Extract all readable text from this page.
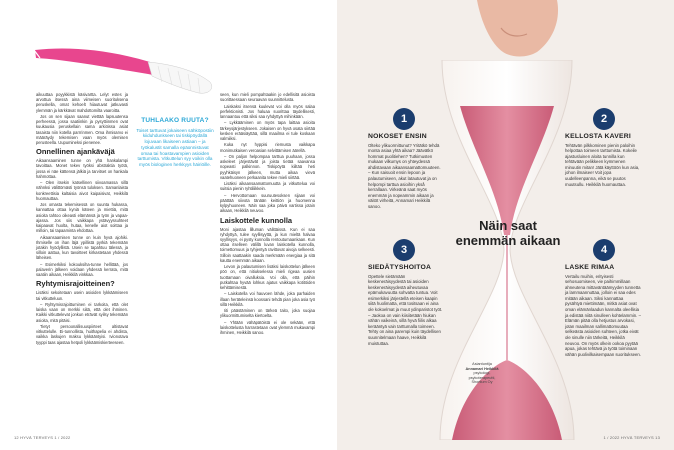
aikuuttaa poyykkistä käsivartta. Lelyt estes ja arvottua itsessä aina viimeisen suorituksena peruskella, omat kehoelt hiiautuvat jatkuvasti ylemmän ja kärkkävat mahdottomilta vaaroitta.

Jos on sen sijaan saanut viettää lapsuutensa perheessä, jossa saatiinkin ja pysyttiinmen ovat kuukausia peruskellain sama arkiöissa asiat tasaista niin kotella parrrinmen. Oma ihmisarvo ei määräydy tekemisen vaan myös olemisen perusteella. Uupumineksi pienenee.

Onnellinen ajankäväjä

Aikaansaaminen tunne on yhä hankalampi tavoittaa. Monet tekev työksi abstraktia työtä, jossa ei näe kättensä jälkiä ja tarvitset on hankala hahmottaa.

– Olen itsekin katsellinen siivoamassa sillä nähnksi välittömästi työnsä tuloksen. Samanlaista konkreettisia kaltaisia aivot kaipaisivat, Heikkilä huomauttaa.

Jos omasta tekemisessä on suunta hukassa, kannattaa ottaa kyniä käteen ja miettiä, mitä asioita tahtoo oikeasti elämänsä ja työn ja vapaa-ajassa. Jos siis vaikkapa ystävyyssuhteet kaipaavat huolta, hutaa, kenelle aiot soittaa ja milloin, tai tapaaminta ehdottaa.

Aikaansaamisen tunne on kuin hyvä ajohiki. Ihmiselle on ihan läjä ypillistä pyrkiä tekemään jotakin hyödyllistä. Usein se tapahtuu tälessä, ja silloin aattua, kun tavoitteet kirkastetaan yhdessä läheisen.

– Esimerkiksi kokouksiha-tunne hellittää, jos palaverin jälkeen voidaan yhdessä kerrata, mitä saatiin aikaan, Heikkilä vinkkaa.

Ryhtymisrajoitteinen?

Lisäksi sekoitetaan usein asioiden lykkäämiseen tai vitkutteluun.

– Ryhtymisrajoittuminen ei tarkoita, että olet laiska vaan on merkki siitä, että olet ihminen. Kaikki vitkuttelevat jonkun eträvät syilsy tekemään asioita, mitä pitäisi.

Tietyt persoonallisuuspiirteet altistavat vitkuttelulle. Ei-tunnollista, huithapelia ei ahdista, vaikka laskujen maksu lykkääntyisi. Ivionotava tyyppi taas ajastaa hetpoli lykkäämiskierteeseen.

TUHLAAKO RUUTA?
Toiset tarttuvat jokaiseen sähköpostiin kiiduhdunkseen tai tiskipöydällä lojuvaan likaiseen astiaan – ja työkalustit samalla epäonnistuvat omaa tai hoastavampien asioiden tarttumista. Vitkuttelun syy voikin olla myös biologinen herkkyys häiriöille.

seen, kun mieli pompahtaakin jo edellisitä asioista suorittaessaan seuraavan suunnittelusta.

Laiskaksi itsensä kuulevat voi olla myös salaa perfektionisti. Jos haluaa suorittaa täydellisesti, lannaantuu että siksi saa ryhdyttyä mihinkään.

– Lykkääminen on myös tapa laittaa asioita tärkeysjärjestykseen. Jokaisen on hyvä osata siirtää kesken erääsiäyttää, sillä maailma ei tule koskaan valmiiksi.

Kuka nyt hyppisi riemusta vaikkapa monimutkaisen veroasian selvittämisen äärellä.

– On paljon helpompaa tarttua puuhaan, jossa askeleet järjestävät ja joista tietää saavansa nopeasti palkinnon. Tiskipöytä kiiltää heti pyyhkäisyn jälkeen, mutta aikaa vievä vaatehuoneen perkaanita tekee mieli siirtää.

Lisäksi aikaansaamattomuutta ja vitkuttelua voi suitsia pienin ryhtiliikkein.

– Hervottomaan suuruutesoksen sijaan voi päättää siivota tänään keittiön ja huomenna kylpyhuoneen. Näin saa joka päivä vartissa jotain aikaan, Heikkilä neuvoo.

Laiskottele kunnolla

Moni ajastaa lilluman välittäissä. Kun ei saa ryhdyttyä, tulee syyllisyyttä, ja kun mieltä halvaa syyllisyys, ei pysty kunnolla rentoutumaankaan. Kun ottaa itselleen välillä luvan laiskotella kunnolla, toimettomuus ja tyhjentyä ravittovat aivoja selkeesti. Silloin saattaakin saada merkmään energiaa ja sitä kautta enemmän aikaan.

Levon ja palautumisen lisäksi laiskottelun jälkeen pöö on, että nitiukselessa mieli rigeaa uusien tuottamaan oivalluksia. Voi olla, että päihin putkahtaa hyvää lohkus ajatus vaikkapa kotitöiden kehittämisestä.

– Laiskotella voi hauvoen lähde, joka parhaiden illaan heräteleinsä koossani tehdä pian joka asia työ sillä Heikkilä.

Iiti päästäminen on tärkeä taito, joka suojaa ylikuormittumiselta kiertoelta.

– Yhtään vähäpätöistä ei ole sekään, että laiskottelusta harrastetaan ovat ylemmä mukavampi ihminen, Heikkilä sanoo.

12 HYVÄ TERVEYS 1 / 2022
Näin saat enemmän aikaan
1	2
3	4
NOKOSET ENSIN

Olteko ylikuormittunut? Yritätkö tehdä monta asiaa yhtä aikaa? Jäävätkö hommat puolitiehen? Tutkimusten mukaan vilkumys on yhteydessä ahdistavaan aikaansaamattomuuteen. – Kun saisuoit ensin lepoon ja palautumiseen, akut latautuvat ja on helpompi tarttua asioihin ykså kerrallaan. Virkeänä saat myös enemmän ja nopeammin aikaan ja väitöt virheitä, Annamari Heikkilä sanoo.

KELLOSTA KAVERI

Tehtävän pilkkominen pienin paloihin helpottaa toimeen tarttumista. Kokeile ajastusluinen aloita tunnilla kun tehtävään pelikkeen kymmenen minuutin mitan! Jätä käyttöön kun asia, johon ilmaisee! Voit jopa uudelleenpanna, eikä se puutos muutsullu. Heikkilä huomauttaa.

SIEDÄTYSHOITOA

Opettele sietämään keskeneräisyydestä tai asioiden keskeneräisyydestä aiheutuvaa epämukavuutta sohvatta tuntua. Voit esimerkiksi järjestellä eteisen kaapin siitä huolimatta, että tositsaan ei aina ole kokoelmat ja muut ydinparistot työt. – Jaokoa on vain kiisiitetään hiukan vähän vaikeinä, sillä hyvä fiilis alkaa kerääntyä vain tarttumalla toimeen. Tehty on aina parempi kuin täydellisen suunnitelmaan haave, Heikkilä muistuttaa.

LASKE RIMAA

Vertailu muihin, erityisesti sehosuomiseen, vie paihimmillaan ahneutena mittaväntäämyyden tunnetta ja lammaannuttaa, jolloin ei saa edes mitään aikaan. Siksi kannattaa pysähtyä miettimään, mitkä asiat ovat oman elämänlaadun kannalta oleellisia ja edistää niitä sinulleen kohtelammin. – Elämän pitää olla hetjustus arvokasi, jotan maailman sallimattomuutaa selkeästa asioiden suhteen, jotka eivät ole sinulle niin tärkeitä, Heikkilä neuvoo. On myös olkein ookoa pyytää apua, jokas tehtävä ja työtä toiminaan vähän puolivilkaisempaan suoritukseen.

Asiantuntija
Annamari Heikkilä
psykologi, psykoterapeutti, Shortium Oy
1 / 2022 HYVÄ TERVEYS 13
